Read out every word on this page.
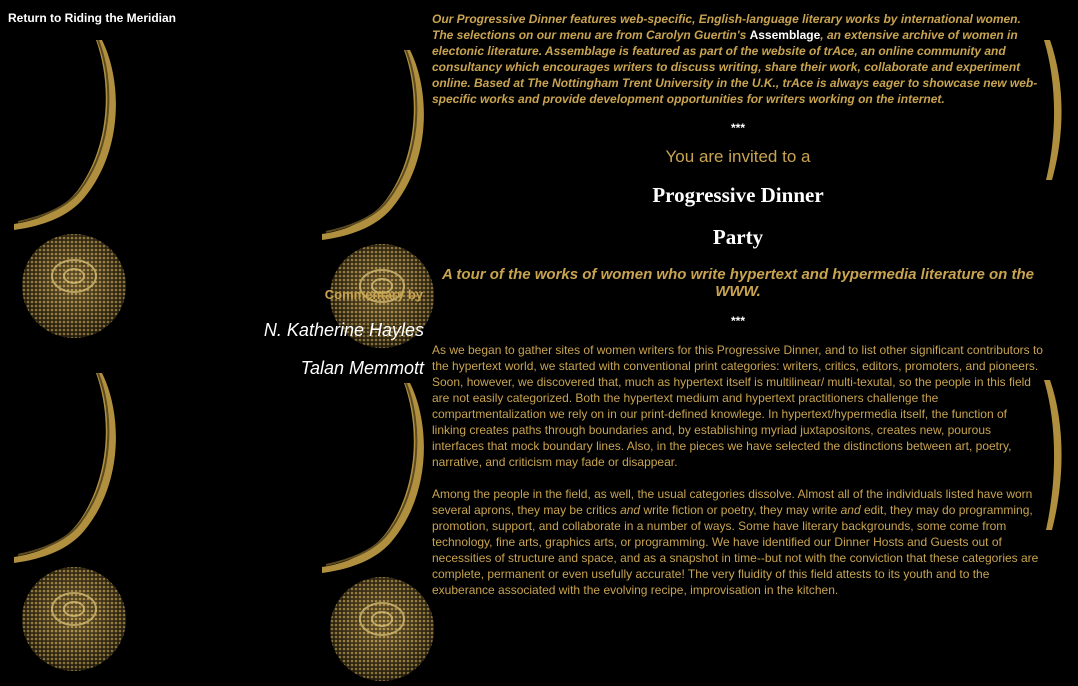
Return to Riding the Meridian
Commentary by
N. Katherine Hayles
Talan Memmott

Our Progressive Dinner features web-specific, English-language literary works by international women. The selections on our menu are from Carolyn Guertin's Assemblage, an extensive archive of women in electonic literature. Assemblage is featured as part of the website of trAce, an online community and consultancy which encourages writers to discuss writing, share their work, collaborate and experiment online. Based at The Nottingham Trent University in the U.K., trAce is always eager to showcase new web-specific works and provide development opportunities for writers working on the internet.

***

You are invited to a

Progressive Dinner

Party

A tour of the works of women who write hypertext and hypermedia literature on the WWW.

***

As we began to gather sites of women writers for this Progressive Dinner, and to list other significant contributors to the hypertext world, we started with conventional print categories: writers, critics, editors, promoters, and pioneers. Soon, however, we discovered that, much as hypertext itself is multilinear/ multi-texutal, so the people in this field are not easily categorized. Both the hypertext medium and hypertext practitioners challenge the compartmentalization we rely on in our print-defined knowlege. In hypertext/hypermedia itself, the function of linking creates paths through boundaries and, by establishing myriad juxtapositons, creates new, pourous interfaces that mock boundary lines. Also, in the pieces we have selected the distinctions between art, poetry, narrative, and criticism may fade or disappear.

Among the people in the field, as well, the usual categories dissolve. Almost all of the individuals listed have worn several aprons, they may be critics and write fiction or poetry, they may write and edit, they may do programming, promotion, support, and collaborate in a number of ways. Some have literary backgrounds, some come from technology, fine arts, graphics arts, or programming. We have identified our Dinner Hosts and Guests out of necessities of structure and space, and as a snapshot in time--but not with the conviction that these categories are complete, permanent or even usefully accurate! The very fluidity of this field attests to its youth and to the exuberance associated with the evolving recipe, improvisation in the kitchen.
